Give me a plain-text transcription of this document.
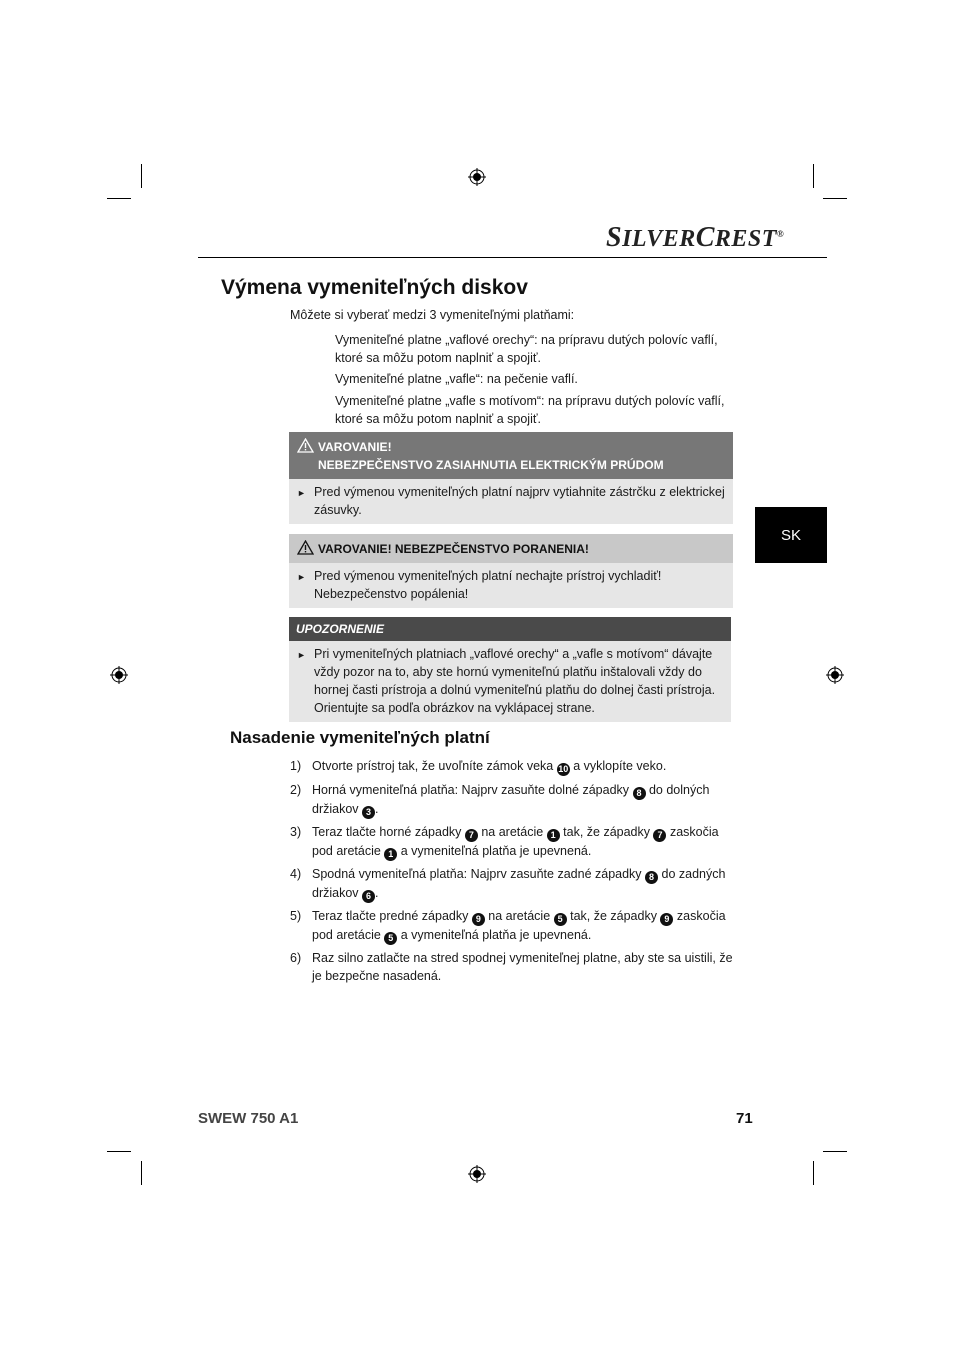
SILVERCREST®
Výmena vymeniteľných diskov
Môžete si vyberať medzi 3 vymeniteľnými platňami:
Vymeniteľné platne „vaflové orechy“: na prípravu dutých polovíc vaflí, ktoré sa môžu potom naplniť a spojiť.
Vymeniteľné platne „vafle“: na pečenie vaflí.
Vymeniteľné platne „vafle s motívom“: na prípravu dutých polovíc vaflí, ktoré sa môžu potom naplniť a spojiť.
VAROVANIE!
NEBEZPEČENSTVO ZASIAHNUTIA ELEKTRICKÝM PRÚDOM
► Pred výmenou vymeniteľných platní najprv vytiahnite zástrčku z elektrickej zásuvky.
VAROVANIE! NEBEZPEČENSTVO PORANENIA!
► Pred výmenou vymeniteľných platní nechajte prístroj vychladiť! Nebezpečenstvo popálenia!
UPOZORNENIE
► Pri vymeniteľných platniach „vaflové orechy“ a „vafle s motívom“ dávajte vždy pozor na to, aby ste hornú vymeniteľnú platňu inštalovali vždy do hornej časti prístroja a dolnú vymeniteľnú platňu do dolnej časti prístroja. Orientujte sa podľa obrázkov na vyklápacej strane.
SK
Nasadenie vymeniteľných platní
1) Otvorte prístroj tak, že uvoľníte zámok veka 10 a vyklopíte veko.
2) Horná vymeniteľná platňa: Najprv zasuňte dolné západky 8 do dolných držiakov 3 .
3) Teraz tlačte horné západky 7 na aretácie 1 tak, že západky 7 zaskočia pod aretácie 1 a vymeniteľná platňa je upevnená.
4) Spodná vymeniteľná platňa: Najprv zasuňte zadné západky 8 do zadných držiakov 6 .
5) Teraz tlačte predné západky 9 na aretácie 5 tak, že západky 9 zaskočia pod aretácie 5 a vymeniteľná platňa je upevnená.
6) Raz silno zatlačte na stred spodnej vymeniteľnej platne, aby ste sa uistili, že je bezpečne nasadená.
SWEW 750 A1	71
